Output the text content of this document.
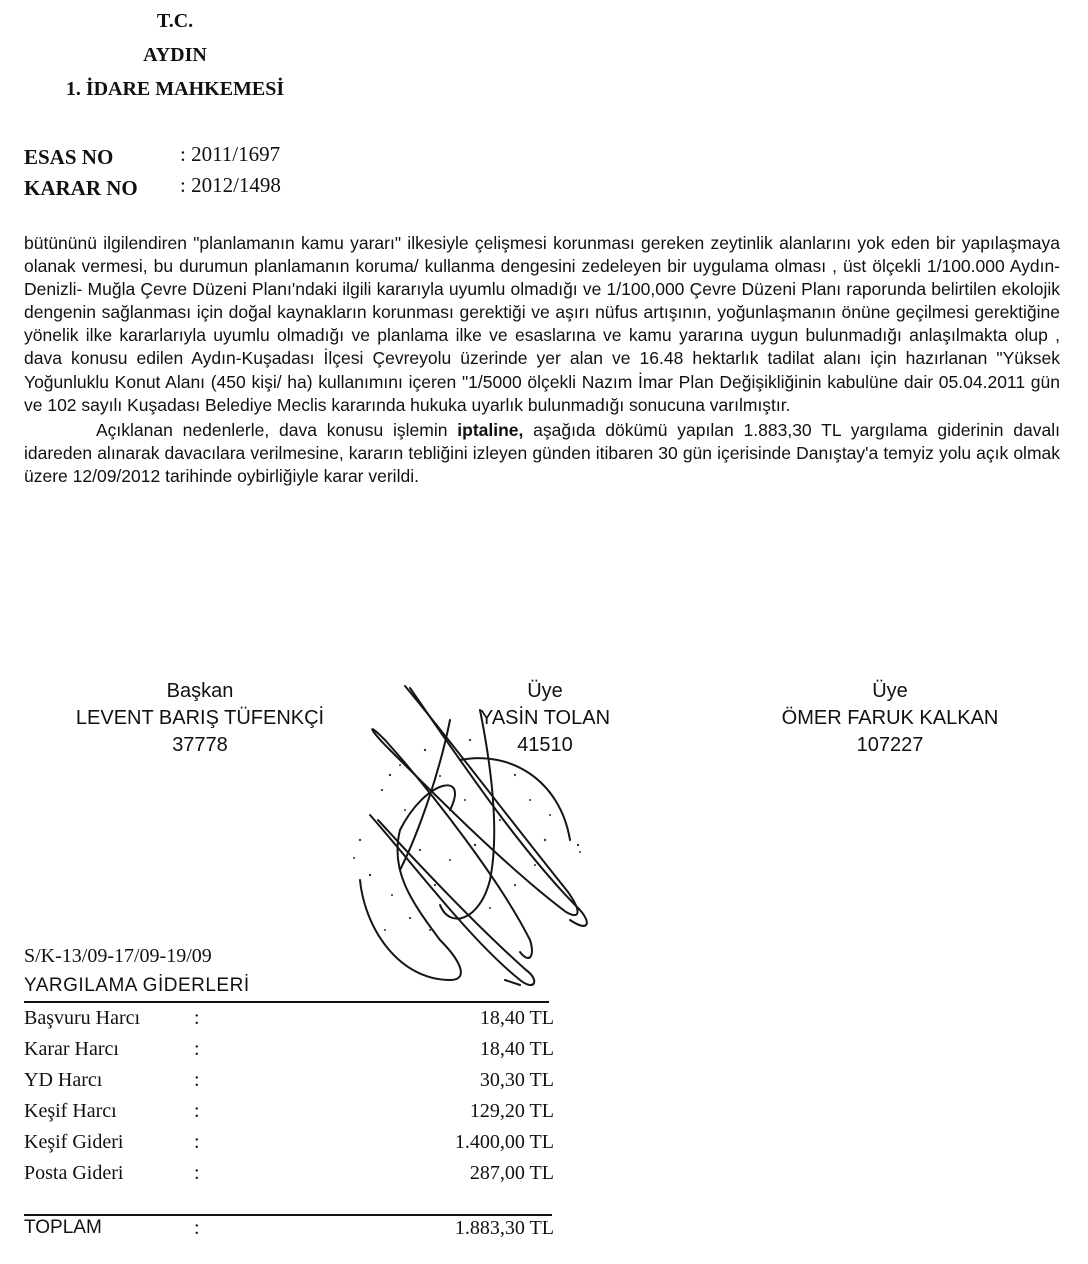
T.C.
AYDIN
1. İDARE MAHKEMESİ
ESAS NO	: 2011/1697
KARAR NO : 2012/1498

bütününü ilgilendiren "planlamanın kamu yararı" ilkesiyle çelişmesi korunması gereken zeytinlik alanlarını yok eden bir yapılaşmaya olanak vermesi, bu durumun planlamanın koruma/ kullanma dengesini zedeleyen bir uygulama olması , üst ölçekli 1/100.000 Aydın- Denizli- Muğla Çevre Düzeni Planı'ndaki ilgili kararıyla uyumlu olmadığı ve 1/100,000 Çevre Düzeni Planı raporunda belirtilen ekolojik dengenin sağlanması için doğal kaynakların korunması gerektiği ve aşırı nüfus artışının, yoğunlaşmanın önüne geçilmesi gerektiğine yönelik ilke kararlarıyla uyumlu olmadığı ve planlama ilke ve esaslarına ve kamu yararına uygun bulunmadığı anlaşılmakta olup , dava konusu edilen Aydın-Kuşadası İlçesi Çevreyolu üzerinde yer alan ve 16.48 hektarlık tadilat alanı için hazırlanan "Yüksek Yoğunluklu Konut Alanı (450 kişi/ ha) kullanımını içeren "1/5000 ölçekli Nazım İmar Plan Değişikliğinin kabulüne dair 05.04.2011 gün ve 102 sayılı Kuşadası Belediye Meclis kararında hukuka uyarlık bulunmadığı sonucuna varılmıştır.

Açıklanan nedenlerle, dava konusu işlemin iptaline, aşağıda dökümü yapılan 1.883,30 TL yargılama giderinin davalı idareden alınarak davacılara verilmesine, kararın tebliğini izleyen günden itibaren 30 gün içerisinde Danıştay'a temyiz yolu açık olmak üzere 12/09/2012 tarihinde oybirliğiyle karar verildi.

Başkan
LEVENT BARIŞ TÜFENKÇİ
37778
Üye
YASİN TOLAN
41510
Üye
ÖMER FARUK KALKAN
107227
S/K-13/09-17/09-19/09
YARGILAMA GİDERLERİ
Başvuru Harcı	:	18,40 TL
Karar Harcı	:	18,40 TL
YD Harcı	:	30,30 TL
Keşif Harcı	:	129,20 TL
Keşif Gideri	:	1.400,00 TL
Posta Gideri	:	287,00 TL
TOPLAM	:	1.883,30 TL
